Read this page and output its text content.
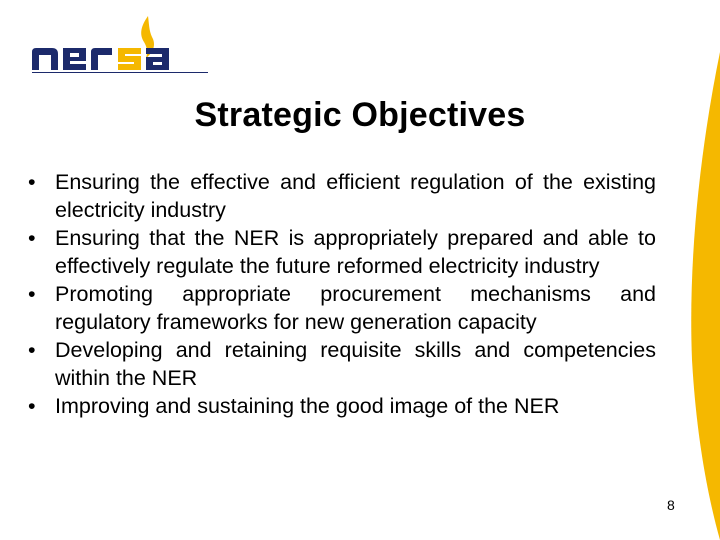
Strategic Objectives
• Ensuring the effective and efficient regulation of the existing electricity industry
• Ensuring that the NER is appropriately prepared and able to effectively regulate the future reformed electricity industry
• Promoting appropriate procurement mechanisms and regulatory frameworks for new generation capacity
• Developing and retaining requisite skills and competencies within the NER
• Improving and sustaining the good image of the NER
8
